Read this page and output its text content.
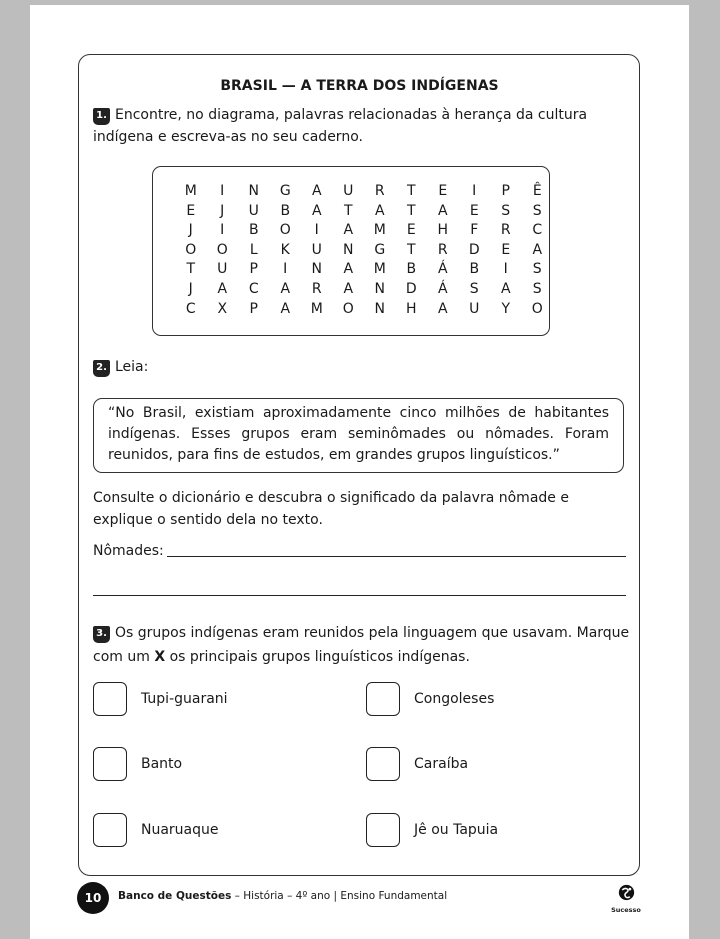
BRASIL — A TERRA DOS INDÍGENAS

1. Encontre, no diagrama, palavras relacionadas à herança da cultura indígena e escreva-as no seu caderno.

M	I	N	G	A	U	R	T	E	I	P	Ê
E	J	U	B	A	T	A	T	A	E	S	S
J	I	B	O	I	A	M	E	H	F	R	C
O	O	L	K	U	N	G	T	R	D	E	A
T	U	P	I	N	A	M	B	Á	B	I	S
J	A	C	A	R	A	N	D	Á	S	A	S
C	X	P	A	M	O	N	H	A	U	Y	O

2. Leia:

“No Brasil, existiam aproximadamente cinco milhões de habitantes indígenas. Esses grupos eram seminômades ou nômades. Foram reunidos, para fins de estudos, em grandes grupos linguísticos.”

Consulte o dicionário e descubra o significado da palavra nômade e explique o sentido dela no texto.

Nômades:

3. Os grupos indígenas eram reunidos pela linguagem que usavam. Marque com um X os principais grupos linguísticos indígenas.

Tupi-guarani	Congoleses
Banto	Caraíba
Nuaruaque	Jê ou Tapuia
10	Banco de Questões – História – 4º ano | Ensino Fundamental
Sucesso
